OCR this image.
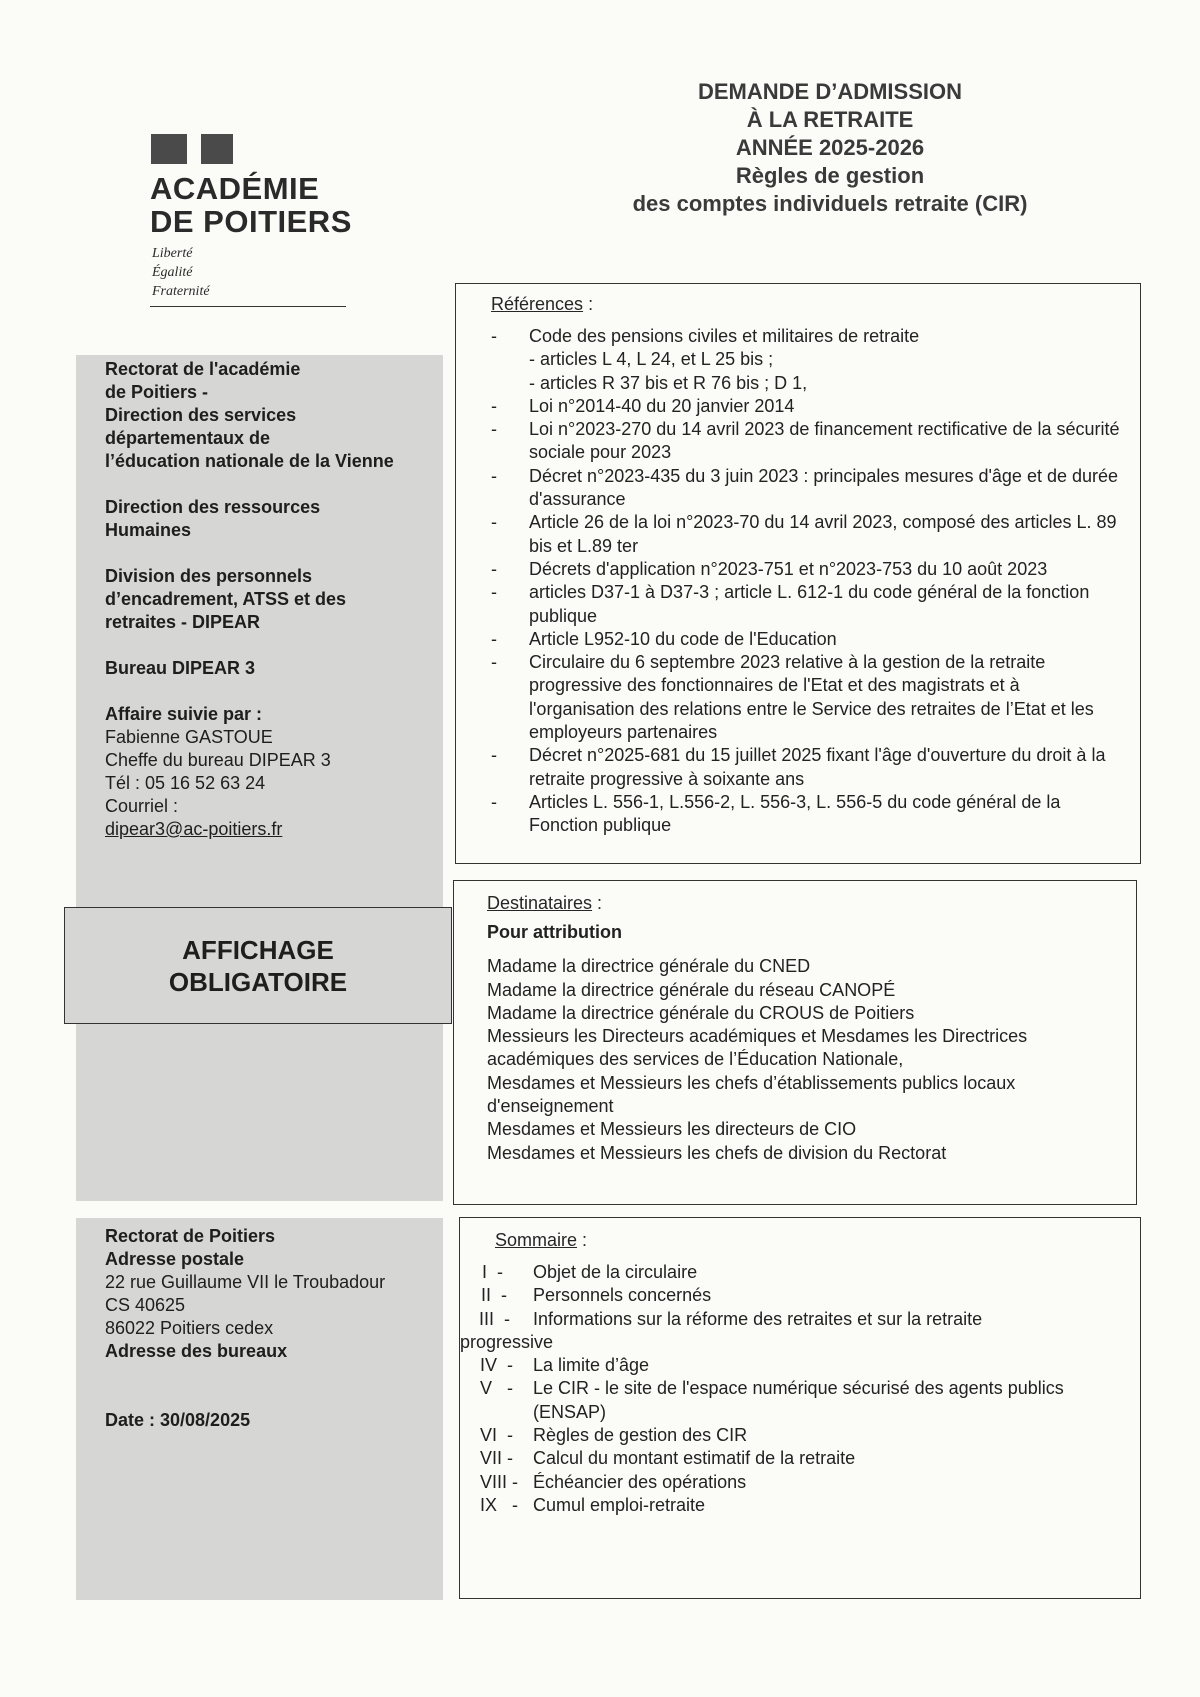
ACADÉMIE
DE POITIERS
Liberté
Égalité
Fraternité
DEMANDE D’ADMISSION
À LA RETRAITE
ANNÉE 2025-2026
Règles de gestion
des comptes individuels retraite (CIR)
Rectorat de l'académie
de Poitiers -
Direction des services
départementaux de
l’éducation nationale de la Vienne
Direction des ressources
Humaines
Division des personnels
d’encadrement, ATSS et des
retraites - DIPEAR
Bureau DIPEAR 3
Affaire suivie par :
Fabienne GASTOUE
Cheffe du bureau DIPEAR 3
Tél : 05 16 52 63 24
Courriel :
dipear3@ac-poitiers.fr
AFFICHAGE
OBLIGATOIRE
Rectorat de Poitiers
Adresse postale
22 rue Guillaume VII le Troubadour
CS 40625
86022 Poitiers cedex
Adresse des bureaux
Date : 30/08/2025
Références :
- Code des pensions civiles et militaires de retraite
- articles L 4, L 24, et L 25 bis ;
- articles R 37 bis et R 76 bis ; D 1,
- Loi n°2014-40 du 20 janvier 2014
- Loi n°2023-270 du 14 avril 2023 de financement rectificative de la sécurité sociale pour 2023
- Décret n°2023-435 du 3 juin 2023 : principales mesures d'âge et de durée d'assurance
- Article 26 de la loi n°2023-70 du 14 avril 2023, composé des articles L. 89 bis et L.89 ter
- Décrets d'application n°2023-751 et n°2023-753 du 10 août 2023
- articles D37-1 à D37-3 ; article L. 612-1 du code général de la fonction publique
- Article L952-10 du code de l'Education
- Circulaire du 6 septembre 2023 relative à la gestion de la retraite progressive des fonctionnaires de l'Etat et des magistrats et à l'organisation des relations entre le Service des retraites de l’Etat et les employeurs partenaires
- Décret n°2025-681 du 15 juillet 2025 fixant l'âge d'ouverture du droit à la retraite progressive à soixante ans
- Articles L. 556-1, L.556-2, L. 556-3, L. 556-5 du code général de la Fonction publique
Destinataires :
Pour attribution
Madame la directrice générale du CNED
Madame la directrice générale du réseau CANOPÉ
Madame la directrice générale du CROUS de Poitiers
Messieurs les Directeurs académiques et Mesdames les Directrices académiques des services de l’Éducation Nationale,
Mesdames et Messieurs les chefs d’établissements publics locaux d'enseignement
Mesdames et Messieurs les directeurs de CIO
Mesdames et Messieurs les chefs de division du Rectorat
Sommaire :
I -	Objet de la circulaire
II -	Personnels concernés
III -	Informations sur la réforme des retraites et sur la retraite
progressive
IV -	La limite d’âge
V -	Le CIR - le site de l'espace numérique sécurisé des agents publics (ENSAP)
VI -	Règles de gestion des CIR
VII -	Calcul du montant estimatif de la retraite
VIII - Échéancier des opérations
IX - Cumul emploi-retraite
